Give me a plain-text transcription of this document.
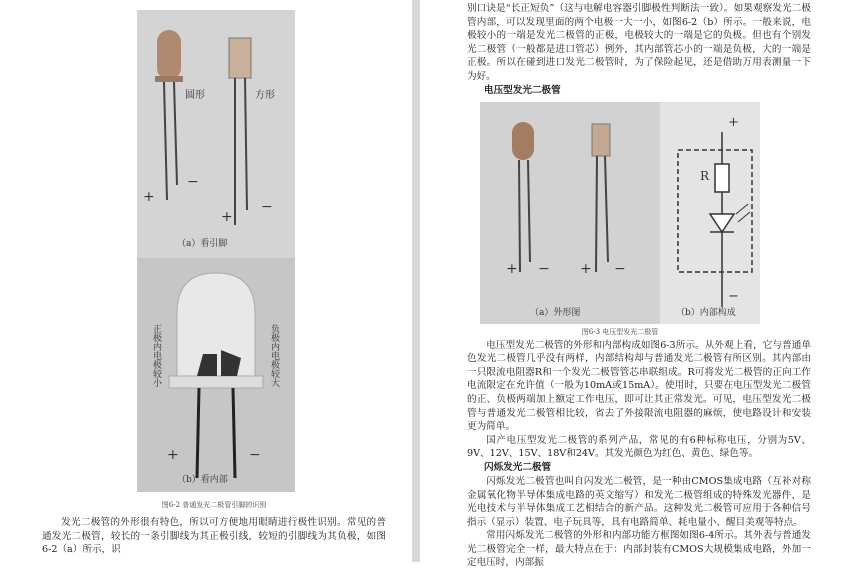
圆形	方形
+
−
+
−
（a）看引脚
正极内电极较小	负极内电极较大
+	−
（b）看内部
图6-2 普通发光二极管引脚的识别
发光二极管的外形很有特色，所以可方便地用眼睛进行极性识别。常见的普通发光二极管，较长的一条引脚线为其正极引线，较短的引脚线为其负极，如图6-2（a）所示，识
别口诀是“长正短负”（这与电解电容器引脚极性判断法一致）。如果观察发光二极管内部，可以发现里面的两个电极一大一小，如图6-2（b）所示。一般来说，电极较小的一端是发光二极管的正极，电极较大的一端是它的负极。但也有个别发光二极管（一般都是进口管芯）例外，其内部管芯小的一端是负极，大的一端是正极。所以在碰到进口发光二极管时，为了保险起见，还是借助万用表测量一下为好。
电压型发光二极管
+ − + −
+
−
R
（a）外形图	（b）内部构成
图6-3 电压型发光二极管
电压型发光二极管的外形和内部构成如图6-3所示。从外观上看，它与普通单色发光二极管几乎没有两样，内部结构却与普通发光二极管有所区别。其内部由一只限流电阻器R和一个发光二极管管芯串联组成。R可将发光二极管的正向工作电流限定在允许值（一般为10mA或15mA）。使用时，只要在电压型发光二极管的正、负极两端加上额定工作电压，即可让其正常发光。可见，电压型发光二极管与普通发光二极管相比较，省去了外接限流电阻器的麻烦，使电路设计和安装更为简单。
国产电压型发光二极管的系列产品，常见的有6种标称电压，分别为5V、9V、12V、15V、18V和24V。其发光颜色为红色、黄色、绿色等。
闪烁发光二极管
闪烁发光二极管也叫自闪发光二极管，是一种由CMOS集成电路（互补对称金属氧化物半导体集成电路的英文缩写）和发光二极管组成的特殊发光器件，是光电技术与半导体集成工艺相结合的新产品。这种发光二极管可应用于各种信号指示（显示）装置、电子玩具等，具有电路简单、耗电量小、醒目美观等特点。
常用闪烁发光二极管的外形和内部功能方框图如图6-4所示。其外表与普通发光二极管完全一样，最大特点在于：内部封装有CMOS大规模集成电路，外加一定电压时，内部振
